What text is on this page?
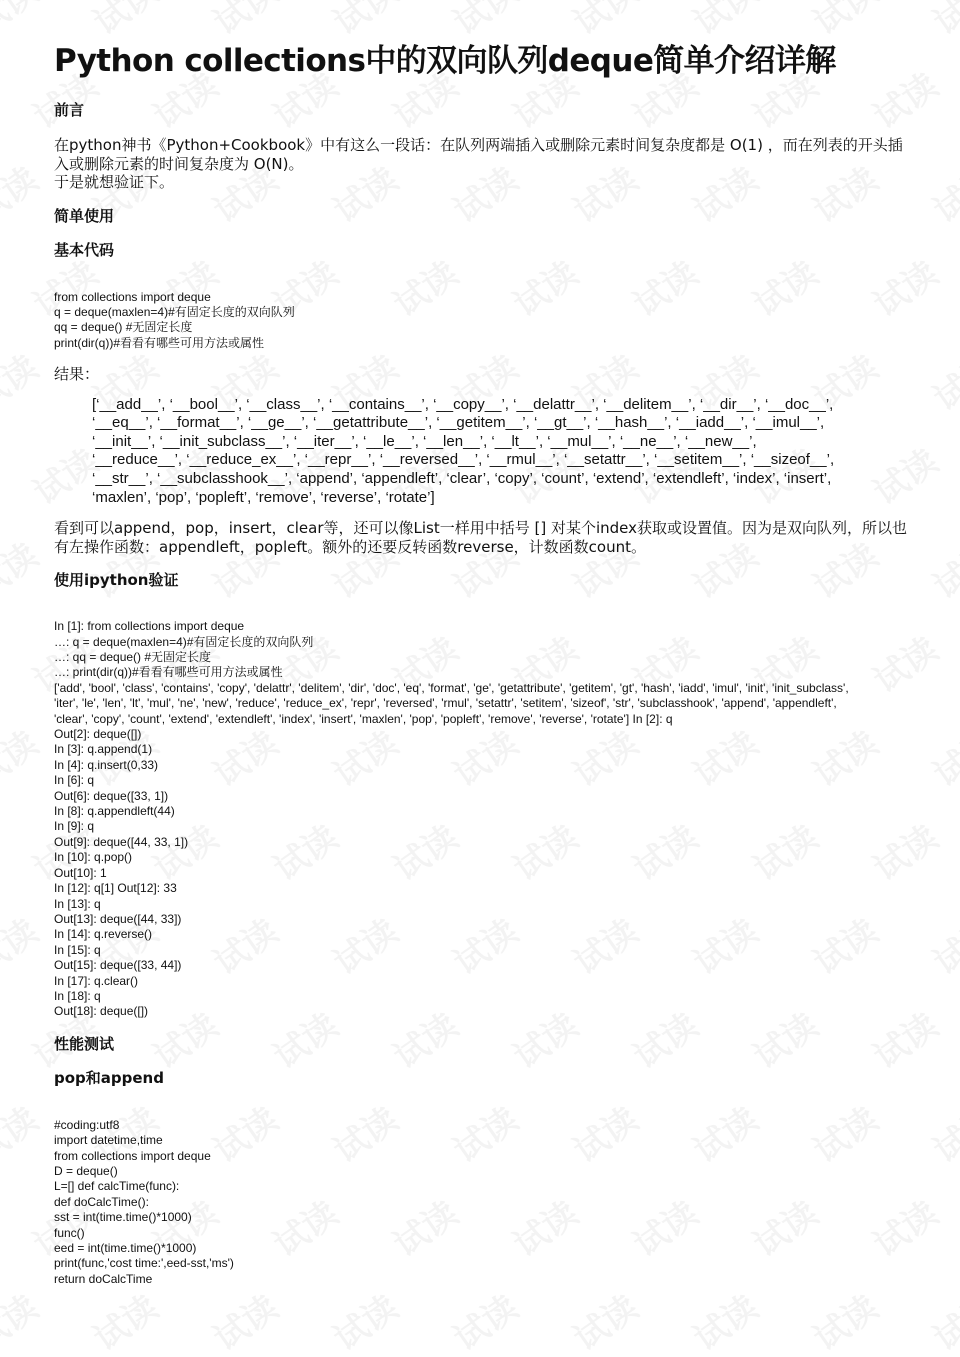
Python collections中的双向队列deque简单介绍详解
前言
在python神书《Python+Cookbook》中有这么一段话：在队列两端插入或删除元素时间复杂度都是 O(1) ，而在列表的开头插
入或删除元素的时间复杂度为 O(N)。
于是就想验证下。
简单使用
基本代码
from collections import deque
q = deque(maxlen=4)#有固定长度的双向队列
qq = deque() #无固定长度
print(dir(q))#看看有哪些可用方法或属性
结果：
[‘__add__’, ‘__bool__’, ‘__class__’, ‘__contains__’, ‘__copy__’, ‘__delattr__’, ‘__delitem__’, ‘__dir__’, ‘__doc__’,
‘__eq__’, ‘__format__’, ‘__ge__’, ‘__getattribute__’, ‘__getitem__’, ‘__gt__’, ‘__hash__’, ‘__iadd__’, ‘__imul__’,
‘__init__’, ‘__init_subclass__’, ‘__iter__’, ‘__le__’, ‘__len__’, ‘__lt__’, ‘__mul__’, ‘__ne__’, ‘__new__’,
‘__reduce__’, ‘__reduce_ex__’, ‘__repr__’, ‘__reversed__’, ‘__rmul__’, ‘__setattr__’, ‘__setitem__’, ‘__sizeof__’,
‘__str__’, ‘__subclasshook__’, ‘append’, ‘appendleft’, ‘clear’, ‘copy’, ‘count’, ‘extend’, ‘extendleft’, ‘index’, ‘insert’,
‘maxlen’, ‘pop’, ‘popleft’, ‘remove’, ‘reverse’, ‘rotate’]
看到可以append，pop，insert，clear等，还可以像List一样用中括号 [] 对某个index获取或设置值。因为是双向队列，所以也
有左操作函数：appendleft，popleft。额外的还要反转函数reverse，计数函数count。
使用ipython验证
In [1]: from collections import deque
…: q = deque(maxlen=4)#有固定长度的双向队列
…: qq = deque() #无固定长度
…: print(dir(q))#看看有哪些可用方法或属性
['add', 'bool', 'class', 'contains', 'copy', 'delattr', 'delitem', 'dir', 'doc', 'eq', 'format', 'ge', 'getattribute', 'getitem', 'gt', 'hash', 'iadd', 'imul', 'init', 'init_subclass',
'iter', 'le', 'len', 'lt', 'mul', 'ne', 'new', 'reduce', 'reduce_ex', 'repr', 'reversed', 'rmul', 'setattr', 'setitem', 'sizeof', 'str', 'subclasshook', 'append', 'appendleft',
'clear', 'copy', 'count', 'extend', 'extendleft', 'index', 'insert', 'maxlen', 'pop', 'popleft', 'remove', 'reverse', 'rotate'] In [2]: q
Out[2]: deque([])
In [3]: q.append(1)
In [4]: q.insert(0,33)
In [6]: q
Out[6]: deque([33, 1])
In [8]: q.appendleft(44)
In [9]: q
Out[9]: deque([44, 33, 1])
In [10]: q.pop()
Out[10]: 1
In [12]: q[1] Out[12]: 33
In [13]: q
Out[13]: deque([44, 33])
In [14]: q.reverse()
In [15]: q
Out[15]: deque([33, 44])
In [17]: q.clear()
In [18]: q
Out[18]: deque([])
性能测试
pop和append
#coding:utf8
import datetime,time
from collections import deque
D = deque()
L=[] def calcTime(func):
def doCalcTime():
sst = int(time.time()*1000)
func()
eed = int(time.time()*1000)
print(func,'cost time:',eed-sst,'ms')
return doCalcTime
